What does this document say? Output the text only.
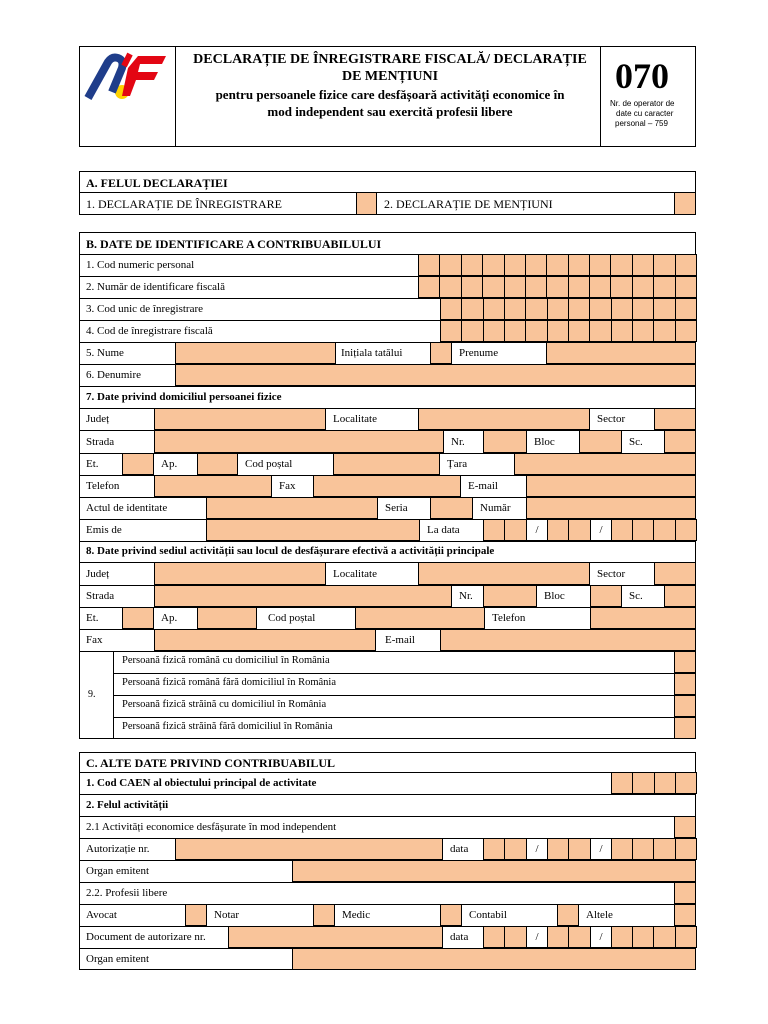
DECLARAȚIE DE ÎNREGISTRARE FISCALĂ/ DECLARAȚIE
DE MENȚIUNI
pentru persoanele fizice care desfășoară activități economice în
mod independent sau exercită profesii libere
070
Nr. de operator de
date cu caracter
personal – 759
A. FELUL DECLARAȚIEI
1. DECLARAȚIE DE ÎNREGISTRARE	2. DECLARAȚIE DE MENȚIUNI
B. DATE DE IDENTIFICARE A CONTRIBUABILULUI
1. Cod numeric personal
2. Număr de identificare fiscală
3. Cod unic de înregistrare
4. Cod de înregistrare fiscală
5. Nume	Inițiala tatălui	Prenume
6. Denumire
7. Date privind domiciliul persoanei fizice
Județ	Localitate	Sector
Strada	Nr.	Bloc	Sc.
Et.	Ap.	Cod poștal	Țara
Telefon	Fax	E-mail
Actul de identitate	Seria	Număr
Emis de	La data	/	/
8. Date privind sediul activității sau locul de desfășurare efectivă a activității principale
Județ	Localitate	Sector
Strada	Nr.	Bloc	Sc.
Et.	Ap.	Cod poștal	Telefon
Fax	E-mail
9.
Persoană fizică română cu domiciliul în România
Persoană fizică română fără domiciliul în România
Persoană fizică străină cu domiciliul în România
Persoană fizică străină fără domiciliul în România
C. ALTE DATE PRIVIND CONTRIBUABILUL
1. Cod CAEN al obiectului principal de activitate
2. Felul activității
2.1 Activități economice desfășurate în mod independent
Autorizație nr.	data	/	/
Organ emitent
2.2. Profesii libere
Avocat	Notar	Medic	Contabil	Altele
Document de autorizare nr.	data	/	/
Organ emitent
